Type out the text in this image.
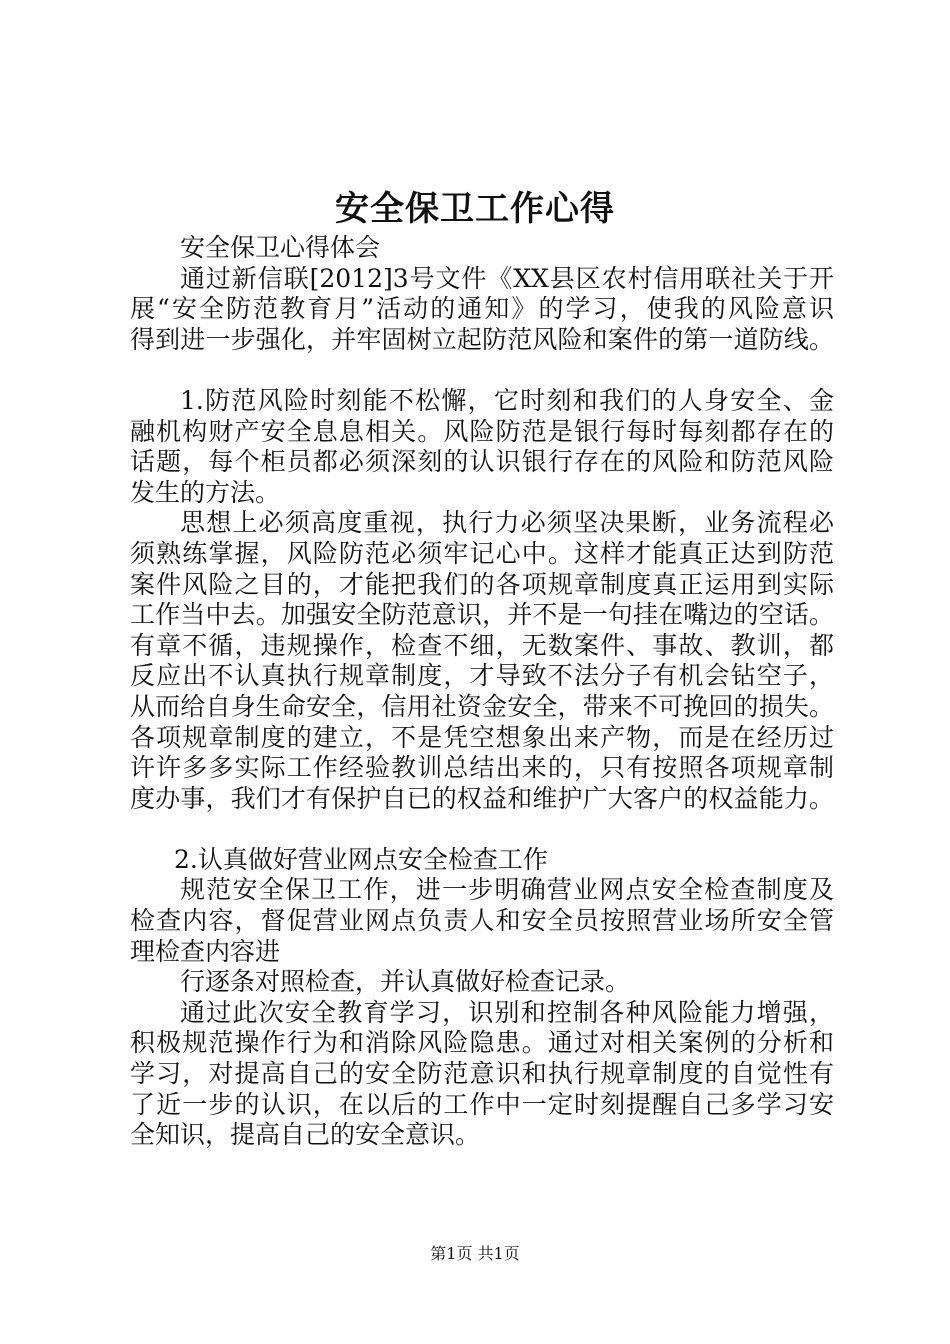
安全保卫工作心得
安全保卫心得体会
通过新信联[2012]3号文件《XX县区农村信用联社关于开
展“安全防范教育月”活动的通知》的学习，使我的风险意识
得到进一步强化，并牢固树立起防范风险和案件的第一道防线。
1.防范风险时刻能不松懈，它时刻和我们的人身安全、金
融机构财产安全息息相关。风险防范是银行每时每刻都存在的
话题，每个柜员都必须深刻的认识银行存在的风险和防范风险
发生的方法。
思想上必须高度重视，执行力必须坚决果断，业务流程必
须熟练掌握，风险防范必须牢记心中。这样才能真正达到防范
案件风险之目的，才能把我们的各项规章制度真正运用到实际
工作当中去。加强安全防范意识，并不是一句挂在嘴边的空话。
有章不循，违规操作，检查不细，无数案件、事故、教训，都
反应出不认真执行规章制度，才导致不法分子有机会钻空子，
从而给自身生命安全，信用社资金安全，带来不可挽回的损失。
各项规章制度的建立，不是凭空想象出来产物，而是在经历过
许许多多实际工作经验教训总结出来的，只有按照各项规章制
度办事，我们才有保护自已的权益和维护广大客户的权益能力。
2.认真做好营业网点安全检查工作
规范安全保卫工作，进一步明确营业网点安全检查制度及
检查内容，督促营业网点负责人和安全员按照营业场所安全管
理检查内容进
行逐条对照检查，并认真做好检查记录。
通过此次安全教育学习，识别和控制各种风险能力增强，
积极规范操作行为和消除风险隐患。通过对相关案例的分析和
学习，对提高自己的安全防范意识和执行规章制度的自觉性有
了近一步的认识，在以后的工作中一定时刻提醒自己多学习安
全知识，提高自己的安全意识。
第1页 共1页
